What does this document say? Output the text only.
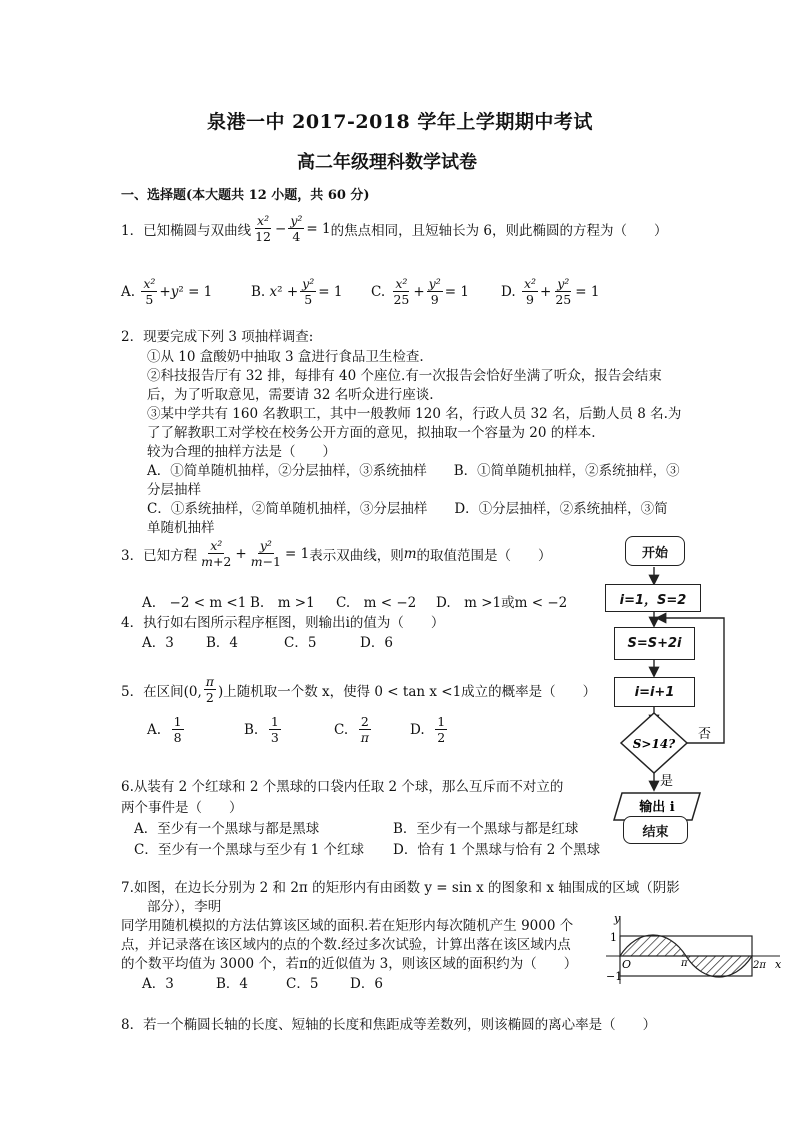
泉港一中 2017-2018 学年上学期期中考试
高二年级理科数学试卷
一、选择题(本大题共 12 小题，共 60 分)
1．已知椭圆与双曲线 $\frac{\text{x²}}{12} - \frac{\text{y²}}{4} = 1$ 的焦点相同，且短轴长为 6，则此椭圆的方程为（　　）
A.
$\frac{\text{x²}}{5} + y$ ² = 1	B.
x $^2 + \frac{\text{y²}}{5} = 1$	C.
$\frac{\text{x²}}{25} + \frac{\text{y²}}{9} = 1$	D.
$\frac{\text{x²}}{9} + \frac{\text{y²}}{25} = 1$
2．现要完成下列 3 项抽样调查:
①从 10 盒酸奶中抽取 3 盒进行食品卫生检查.
②科技报告厅有 32 排，每排有 40 个座位.有一次报告会恰好坐满了听众，报告会结束
后，为了听取意见，需要请 32 名听众进行座谈.
③某中学共有 160 名教职工，其中一般教师 120 名，行政人员 32 名，后勤人员 8 名.为
了了解教职工对学校在校务公开方面的意见，拟抽取一个容量为 20 的样本.
较为合理的抽样方法是（　　）
A．①简单随机抽样，②分层抽样，③系统抽样　　B．①简单随机抽样，②系统抽样，③
分层抽样
C．①系统抽样，②简单随机抽样，③分层抽样　　D．①分层抽样，②系统抽样，③简
单随机抽样
3．已知方程 $\frac{\text{x²}}{m+2} + \frac{\text{y²}}{m-1} = 1$ 表示双曲线，则 m 的取值范围是（　　）
A.　−2 < m <1 B.　m >1 C.　m < −2 D.　m >1或m < −2
4．执行如右图所示程序框图，则输出i的值为（　　）
A．3 B．4	C．5	D．6
5．在区间(0, $\frac{\pi}{2}$ )上随机取一个数 x，使得 0 < tan x <1成立的概率是（　　）
A.
$\frac{1}{8}$	B.
$\frac{1}{3}$	C.
$\frac{2}{\pi}$	D.
$\frac{1}{2}$
6.从装有 2 个红球和 2 个黑球的口袋内任取 2 个球，那么互斥而不对立的
两个事件是（　　）
A．至少有一个黑球与都是黑球	B．至少有一个黑球与都是红球
C．至少有一个黑球与至少有 1 个红球 D．恰有 1 个黑球与恰有 2 个黑球
7.如图，在边长分别为 2 和 2π 的矩形内有由函数 y = sin x 的图象和 x 轴围成的区域（阴影
部分），李明
同学用随机模拟的方法估算该区域的面积.若在矩形内每次随机产生 9000 个
点，并记录落在该区域内的点的个数.经过多次试验，计算出落在该区域内点
的个数平均值为 3000 个，若π的近似值为 3，则该区域的面积约为（　　）
A．3	B．4	C．5 D．6
8．若一个椭圆长轴的长度、短轴的长度和焦距成等差数列，则该椭圆的离心率是（　　）
S>14?
否
是
输出 i
开始
i=1，S=2
S=S+2i
i=i+1
结束
y
x
1
−1
O	π	2π
